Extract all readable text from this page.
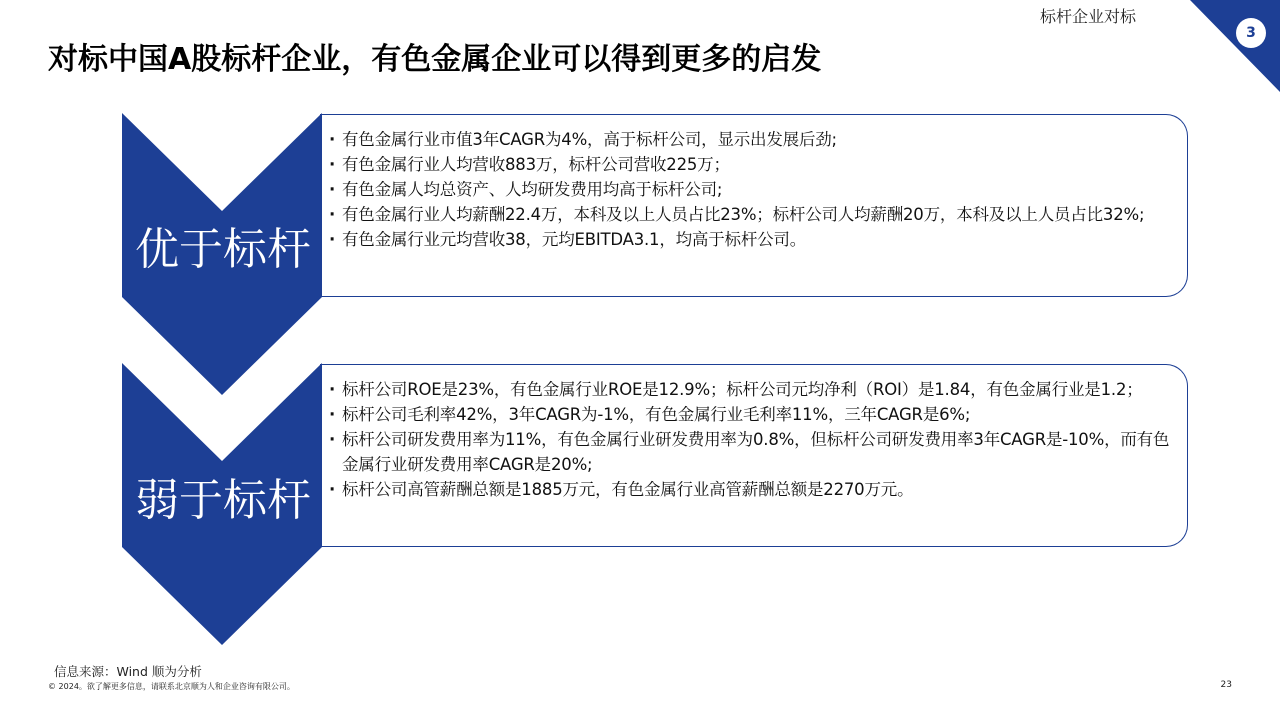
标杆企业对标
3
对标中国A股标杆企业，有色金属企业可以得到更多的启发
优于标杆
· 有色金属行业市值3年CAGR为4%，高于标杆公司，显示出发展后劲;
· 有色金属行业人均营收883万，标杆公司营收225万；
· 有色金属人均总资产、人均研发费用均高于标杆公司;
· 有色金属行业人均薪酬22.4万，本科及以上人员占比23%；标杆公司人均薪酬20万，本科及以上人员占比32%;
· 有色金属行业元均营收38，元均EBITDA3.1，均高于标杆公司。
弱于标杆
· 标杆公司ROE是23%，有色金属行业ROE是12.9%；标杆公司元均净利（ROI）是1.84，有色金属行业是1.2；
· 标杆公司毛利率42%，3年CAGR为-1%，有色金属行业毛利率11%，三年CAGR是6%;
· 标杆公司研发费用率为11%，有色金属行业研发费用率为0.8%，但标杆公司研发费用率3年CAGR是-10%，而有色金属行业研发费用率CAGR是20%;
· 标杆公司高管薪酬总额是1885万元，有色金属行业高管薪酬总额是2270万元。
信息来源：Wind 顺为分析
© 2024。欲了解更多信息，请联系北京顺为人和企业咨询有限公司。	23
